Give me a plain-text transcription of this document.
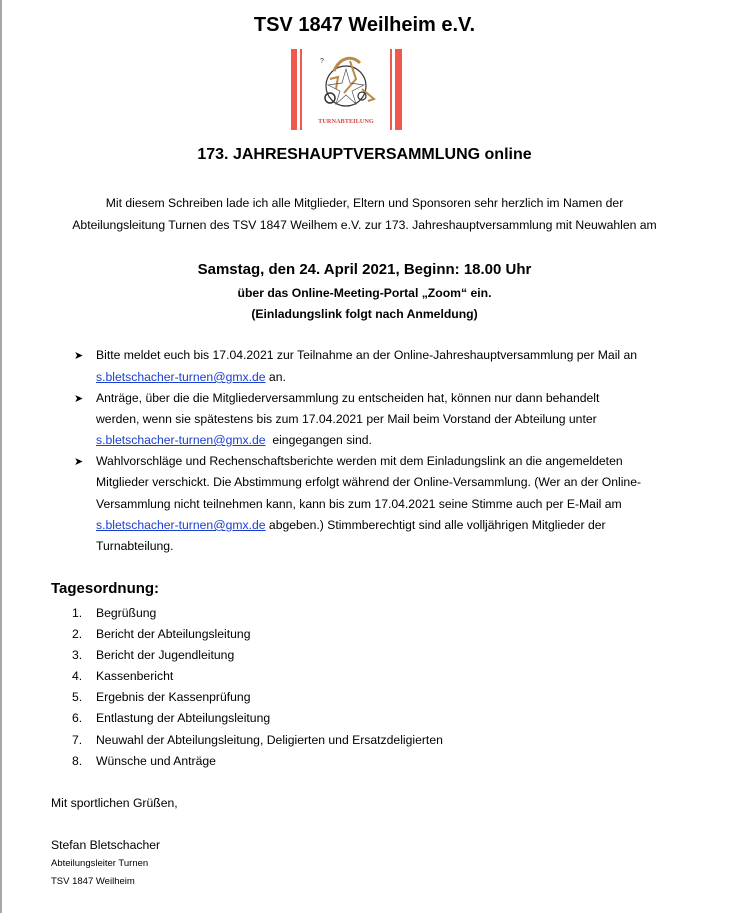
TSV 1847 Weilheim e.V.
?
TURNABTEILUNG
173. JAHRESHAUPTVERSAMMLUNG online
Mit diesem Schreiben lade ich alle Mitglieder, Eltern und Sponsoren sehr herzlich im Namen der
Abteilungsleitung Turnen des TSV 1847 Weilhem e.V. zur 173. Jahreshauptversammlung mit Neuwahlen am
Samstag, den 24. April 2021, Beginn: 18.00 Uhr
über das Online-Meeting-Portal „Zoom“ ein.
(Einladungslink folgt nach Anmeldung)
➤ Bitte meldet euch bis 17.04.2021 zur Teilnahme an der Online-Jahreshauptversammlung per Mail an
s.bletschacher-turnen@gmx.de an.
➤ Anträge, über die die Mitgliederversammlung zu entscheiden hat, können nur dann behandelt
werden, wenn sie spätestens bis zum 17.04.2021 per Mail beim Vorstand der Abteilung unter
s.bletschacher-turnen@gmx.de  eingegangen sind.
➤ Wahlvorschläge und Rechenschaftsberichte werden mit dem Einladungslink an die angemeldeten
Mitglieder verschickt. Die Abstimmung erfolgt während der Online-Versammlung. (Wer an der Online-
Versammlung nicht teilnehmen kann, kann bis zum 17.04.2021 seine Stimme auch per E-Mail am
s.bletschacher-turnen@gmx.de abgeben.) Stimmberechtigt sind alle volljährigen Mitglieder der
Turnabteilung.
Tagesordnung:
1. Begrüßung
2. Bericht der Abteilungsleitung
3. Bericht der Jugendleitung
4. Kassenbericht
5. Ergebnis der Kassenprüfung
6. Entlastung der Abteilungsleitung
7. Neuwahl der Abteilungsleitung, Deligierten und Ersatzdeligierten
8. Wünsche und Anträge
Mit sportlichen Grüßen,
Stefan Bletschacher
Abteilungsleiter Turnen
TSV 1847 Weilheim
